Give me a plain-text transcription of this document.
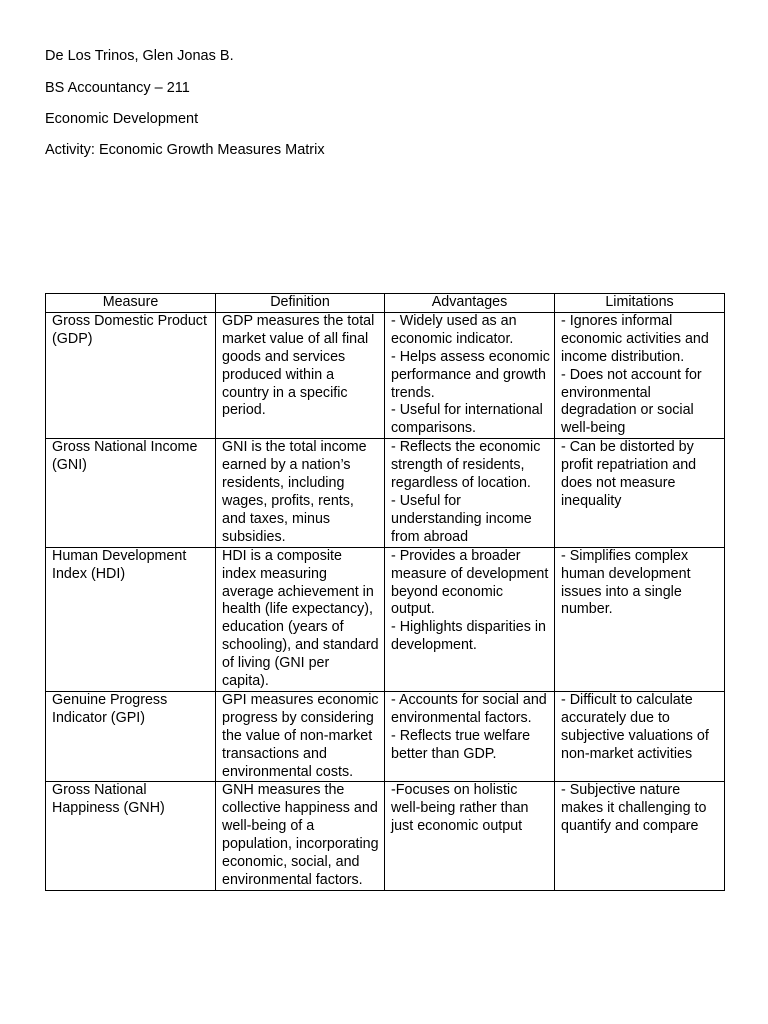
De Los Trinos, Glen Jonas B.
BS Accountancy – 211
Economic Development
Activity: Economic Growth Measures Matrix
Measure	Definition	Advantages	Limitations
Gross Domestic Product (GDP)	GDP measures the total market value of all final goods and services produced within a country in a specific period.	- Widely used as an economic indicator.
- Helps assess economic performance and growth trends.
- Useful for international comparisons.	- Ignores informal economic activities and income distribution.
- Does not account for environmental degradation or social well-being

Gross National Income (GNI)	GNI is the total income earned by a nation’s residents, including wages, profits, rents, and taxes, minus subsidies.	- Reflects the economic strength of residents, regardless of location.
- Useful for understanding income from abroad	- Can be distorted by profit repatriation and does not measure inequality

Human Development Index (HDI)	HDI is a composite index measuring average achievement in health (life expectancy), education (years of schooling), and standard of living (GNI per capita).	- Provides a broader measure of development beyond economic output.
- Highlights disparities in development.	- Simplifies complex human development issues into a single number.

Genuine Progress Indicator (GPI)	GPI measures economic progress by considering the value of non-market transactions and environmental costs.	- Accounts for social and environmental factors.
- Reflects true welfare better than GDP.	- Difficult to calculate accurately due to subjective valuations of non-market activities

Gross National Happiness (GNH)	GNH measures the collective happiness and well-being of a population, incorporating economic, social, and environmental factors.	-Focuses on holistic well-being rather than just economic output	- Subjective nature makes it challenging to quantify and compare
